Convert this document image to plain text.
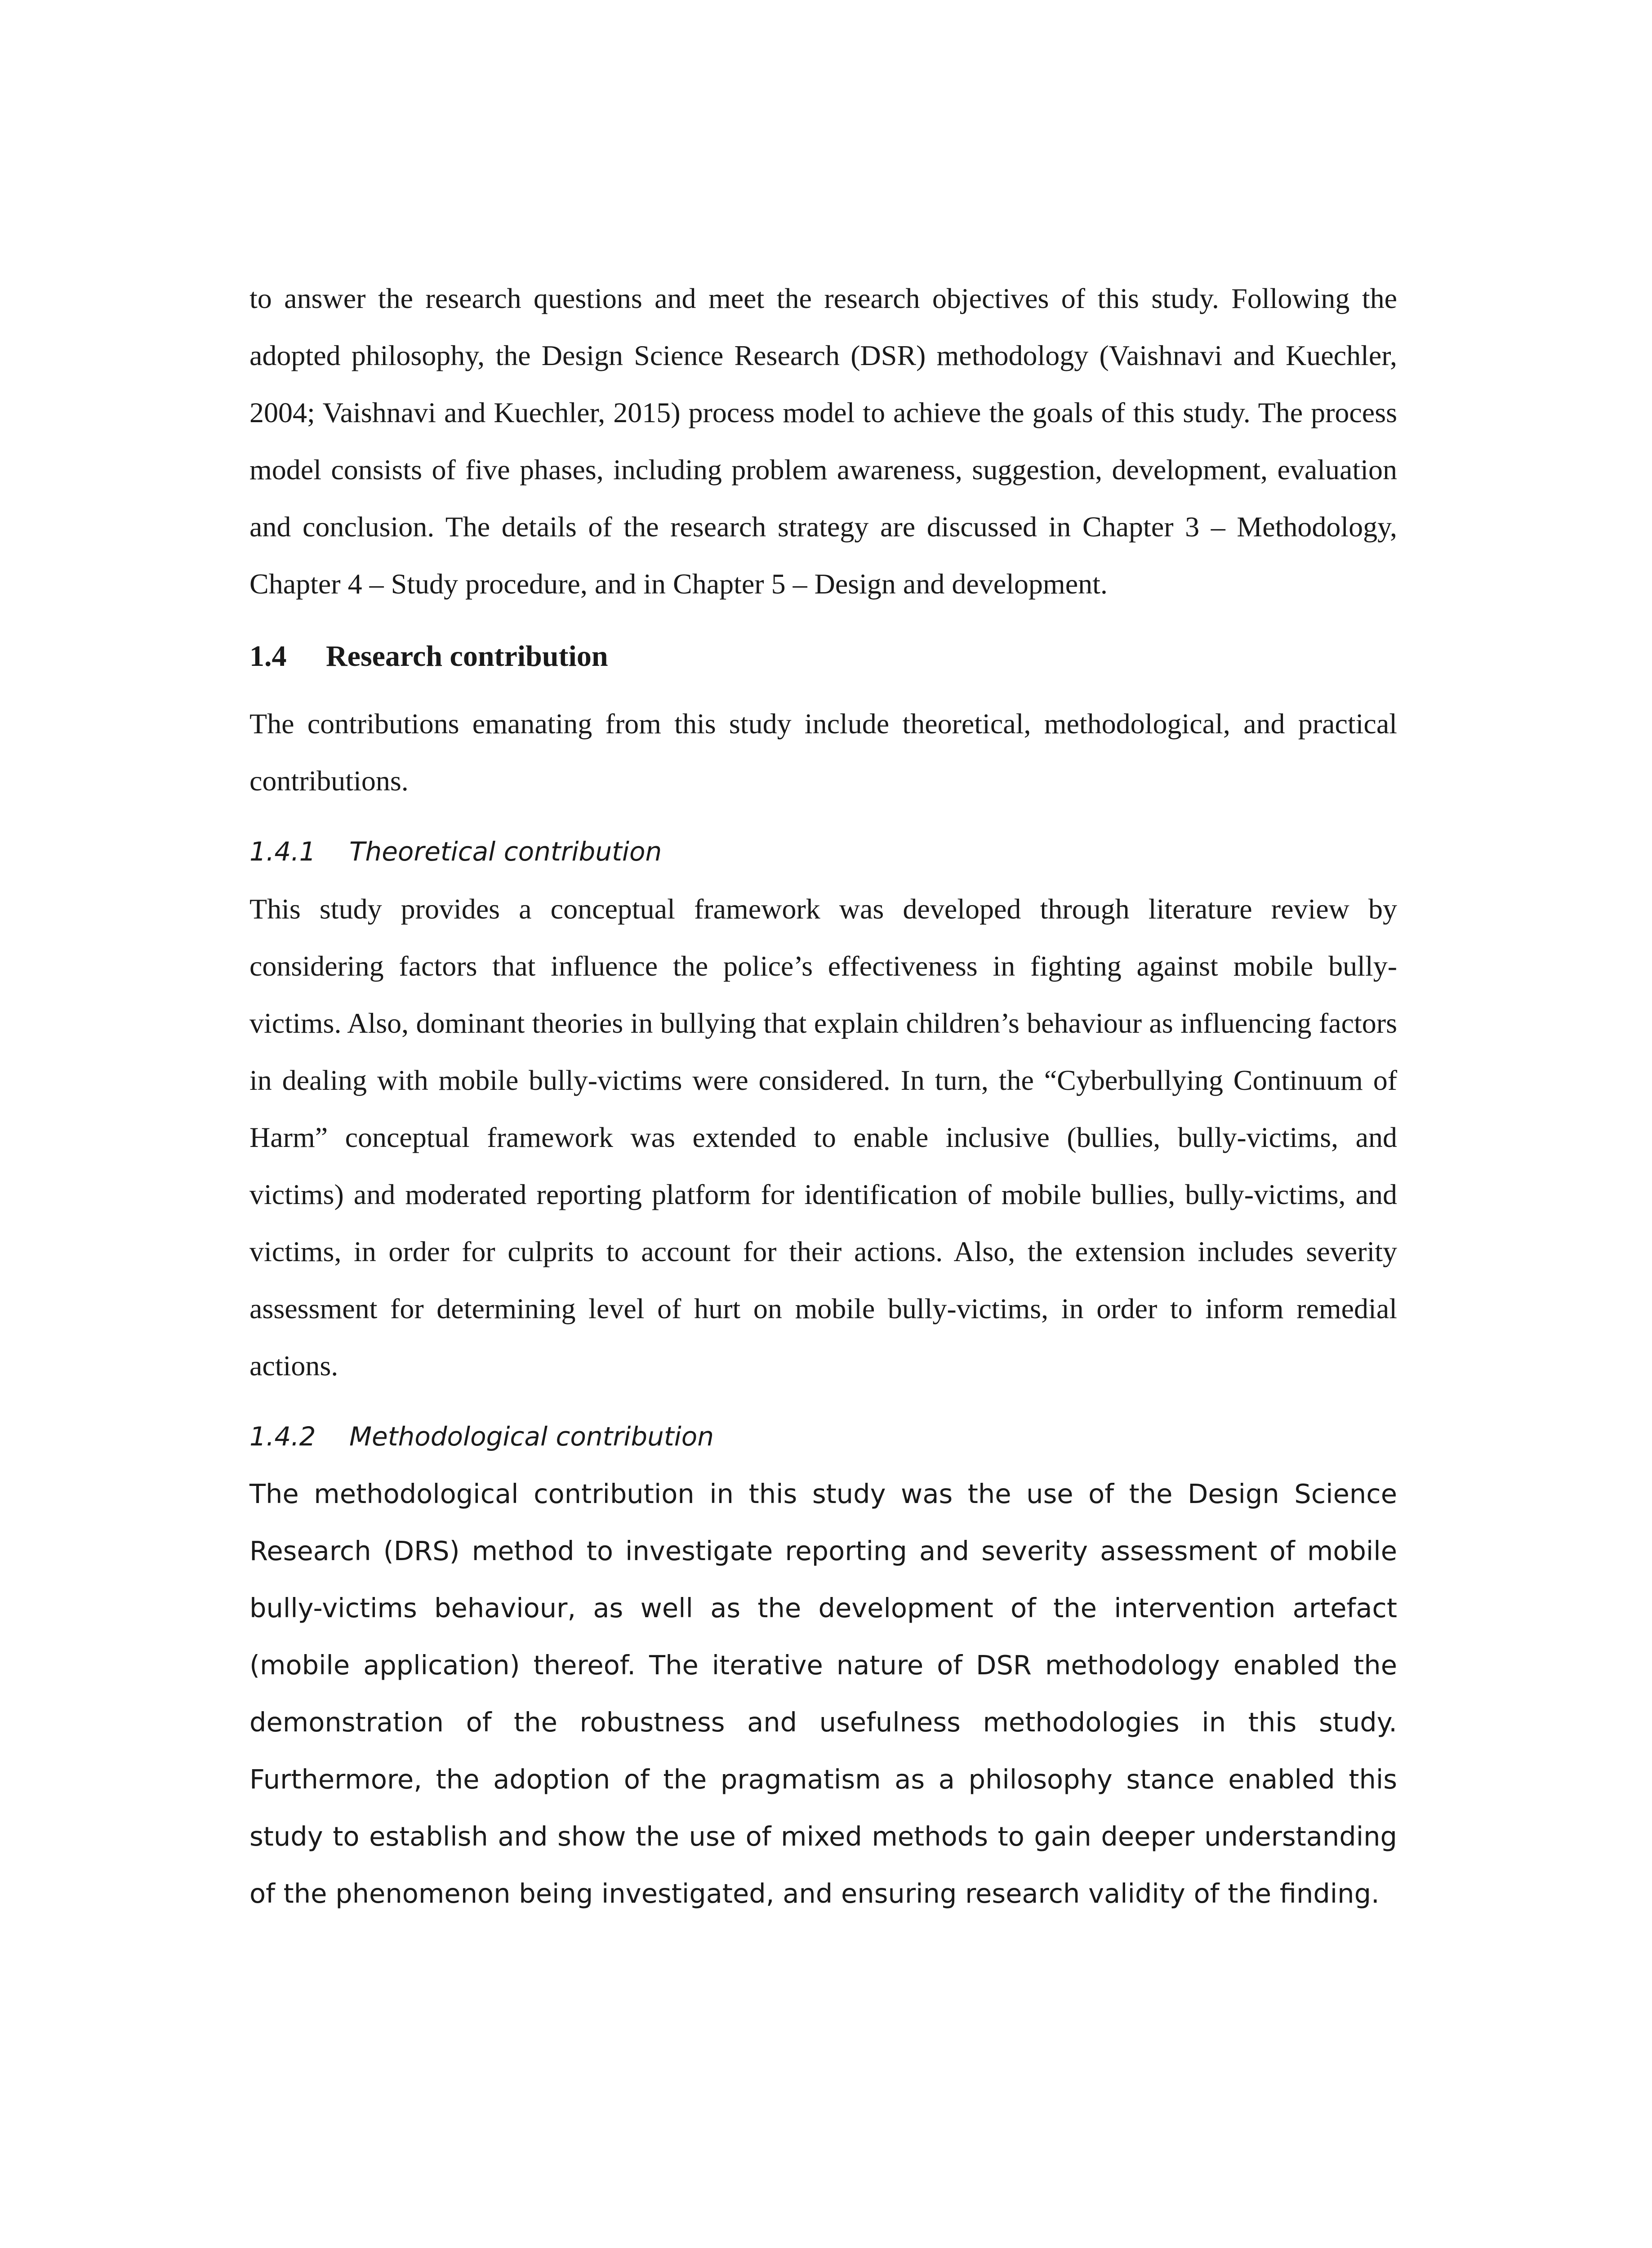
to answer the research questions and meet the research objectives of this study. Following the adopted philosophy, the Design Science Research (DSR) methodology (Vaishnavi and Kuechler, 2004; Vaishnavi and Kuechler, 2015) process model to achieve the goals of this study. The process model consists of five phases, including problem awareness, suggestion, development, evaluation and conclusion. The details of the research strategy are discussed in Chapter 3 – Methodology, Chapter 4 – Study procedure, and in Chapter 5 – Design and development.

1.4	Research contribution

The contributions emanating from this study include theoretical, methodological, and practical contributions.

1.4.1	Theoretical contribution

This study provides a conceptual framework was developed through literature review by considering factors that influence the police’s effectiveness in fighting against mobile bully-victims. Also, dominant theories in bullying that explain children’s behaviour as influencing factors in dealing with mobile bully-victims were considered. In turn, the “Cyberbullying Continuum of Harm” conceptual framework was extended to enable inclusive (bullies, bully-victims, and victims) and moderated reporting platform for identification of mobile bullies, bully-victims, and victims, in order for culprits to account for their actions. Also, the extension includes severity assessment for determining level of hurt on mobile bully-victims, in order to inform remedial actions.

1.4.2	Methodological contribution

The methodological contribution in this study was the use of the Design Science Research (DRS) method to investigate reporting and severity assessment of mobile bully-victims behaviour, as well as the development of the intervention artefact (mobile application) thereof. The iterative nature of DSR methodology enabled the demonstration of the robustness and usefulness methodologies in this study. Furthermore, the adoption of the pragmatism as a philosophy stance enabled this study to establish and show the use of mixed methods to gain deeper understanding of the phenomenon being investigated, and ensuring research validity of the finding.
